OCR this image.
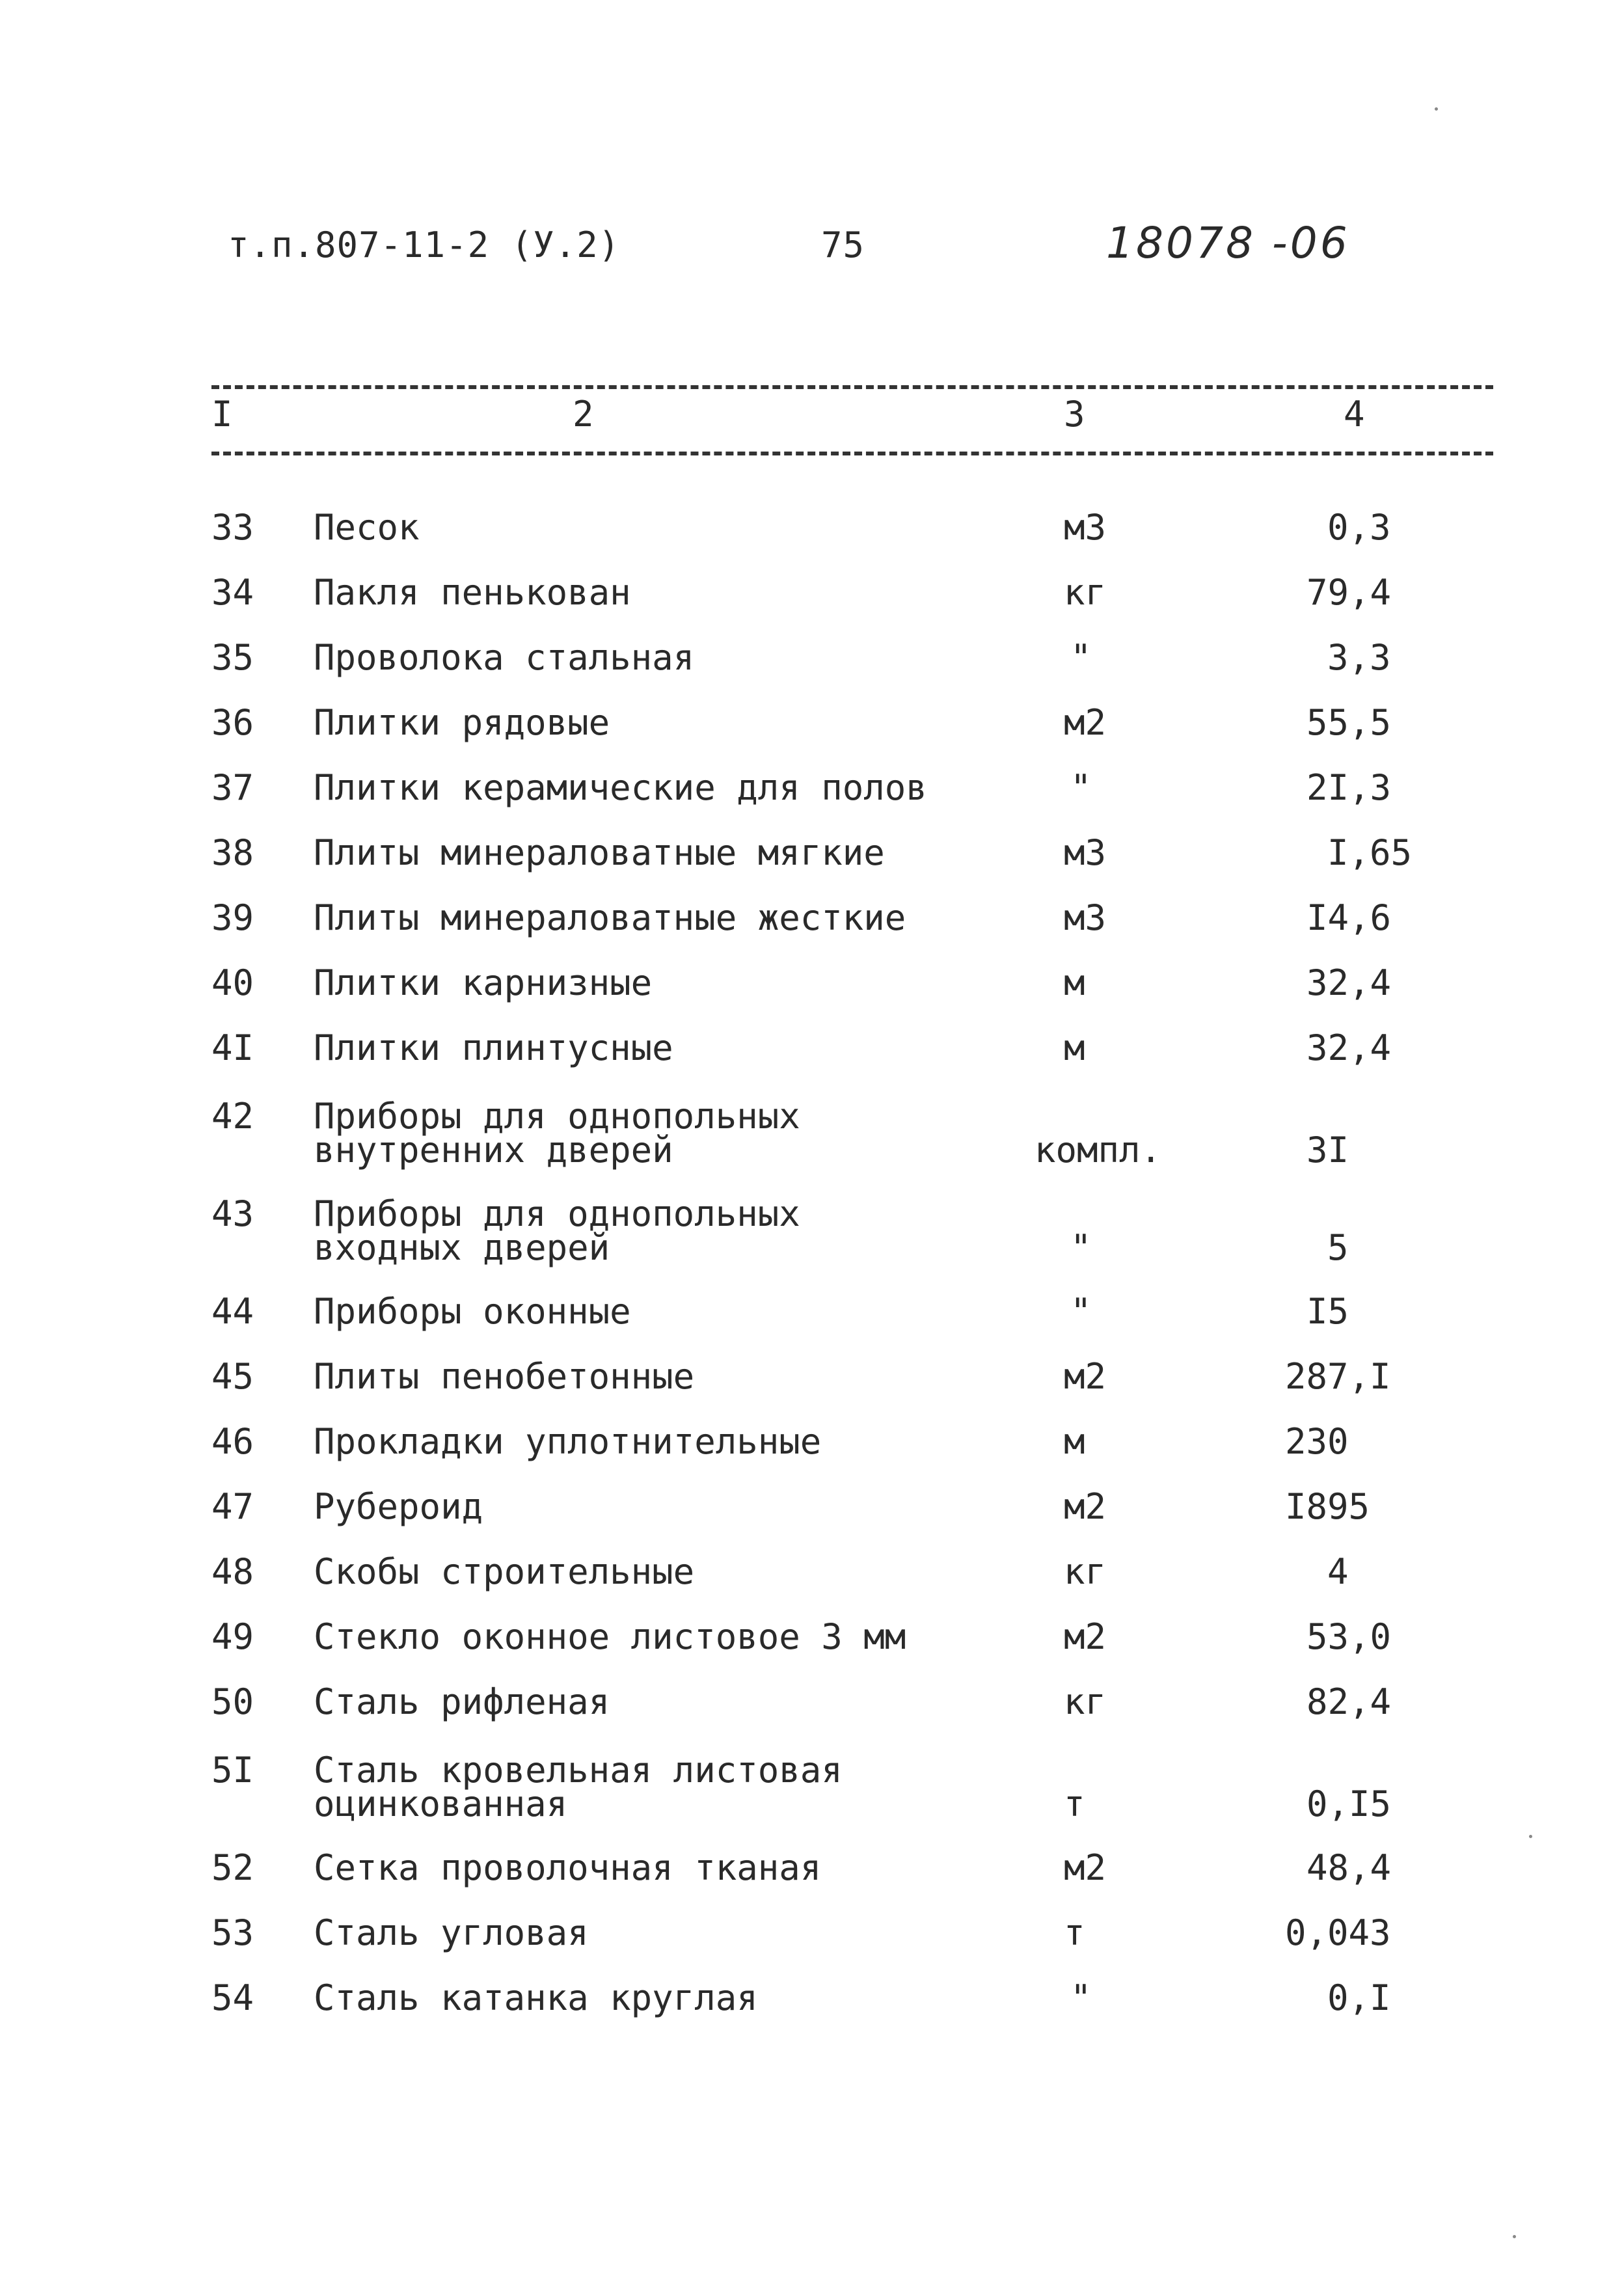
т.п.807-11-2 (У.2)	75	18078 -06
I	2	3	4
33 Песок	м3	0,3
34 Пакля пенькован	кг	79,4
35 Проволока стальная	"	3,3
36 Плитки рядовые	м2	55,5
37 Плитки керамические для полов	"	2I,3
38 Плиты минераловатные мягкие	м3	I,65
39 Плиты минераловатные жесткие	м3	I4,6
40 Плитки карнизные	м	32,4
4I Плитки плинтусные	м	32,4
42 Приборы для однопольных
внутренних дверей	компл.	3I
43 Приборы для однопольных
входных дверей	"	5
44 Приборы оконные	"	I5
45 Плиты пенобетонные	м2	287,I
46 Прокладки уплотнительные	м	230
47 Рубероид	м2	I895
48 Скобы строительные	кг	4
49 Стекло оконное листовое 3 мм	м2	53,0
50 Сталь рифленая	кг	82,4
5I Сталь кровельная листовая
оцинкованная	т	0,I5
52 Сетка проволочная тканая	м2	48,4
53 Сталь угловая	т	0,043
54 Сталь катанка круглая	"	0,I
